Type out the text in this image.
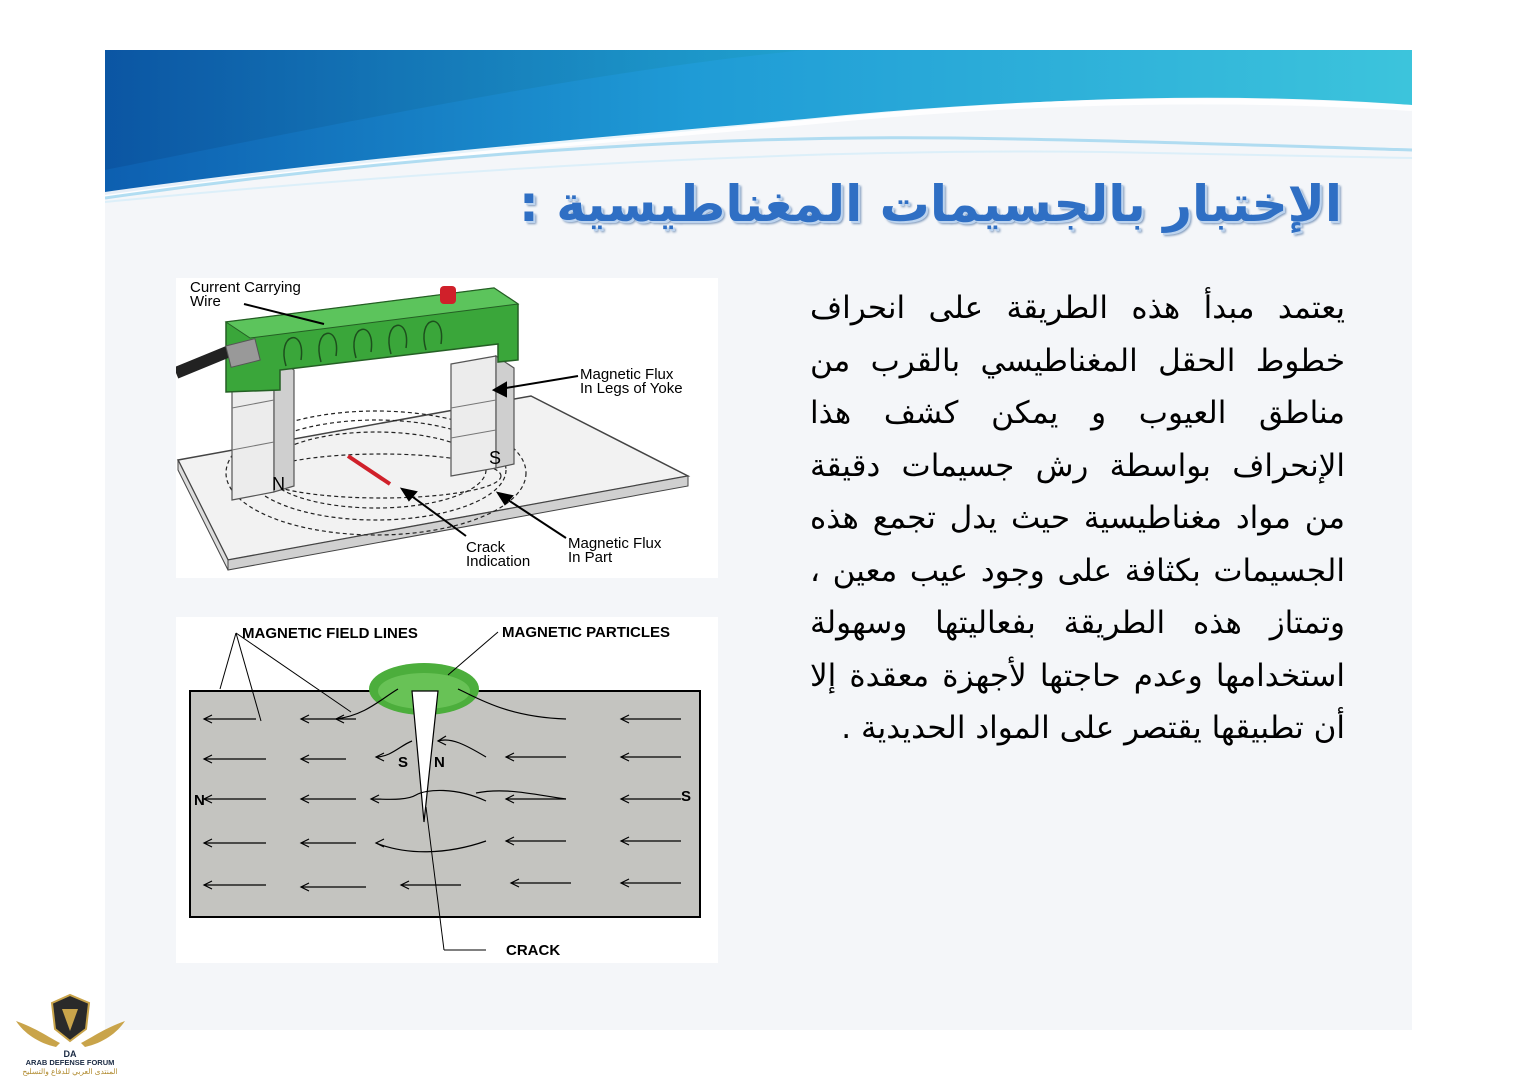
الإختبار بالجسيمات المغناطيسية :
يعتمد مبدأ هذه الطريقة على انحراف خطوط الحقل المغناطيسي بالقرب من مناطق العيوب و يمكن كشف هذا الإنحراف بواسطة رش جسيمات دقيقة من مواد مغناطيسية حيث يدل تجمع هذه الجسيمات بكثافة على وجود عيب معين ، وتمتاز هذه الطريقة بفعاليتها وسهولة استخدامها وعدم حاجتها لأجهزة معقدة إلا أن تطبيقها يقتصر على المواد الحديدية .
Current Carrying
Wire
Magnetic Flux
In Legs of Yoke
Crack
Indication
Magnetic Flux
In Part
N
S
MAGNETIC FIELD LINES	MAGNETIC PARTICLES
CRACK
N	S
S N
DA
ARAB DEFENSE FORUM
المنتدى العربي للدفاع والتسليح
